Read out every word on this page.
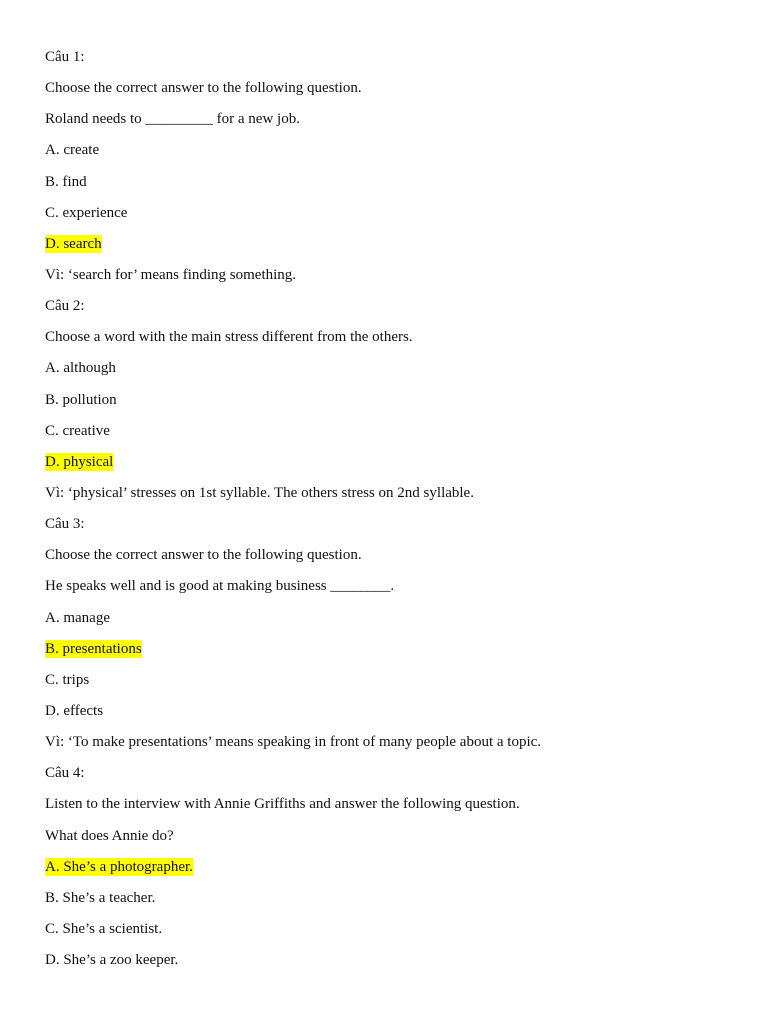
Câu 1:
Choose the correct answer to the following question.
Roland needs to _________ for a new job.
A. create
B. find
C. experience
D. search
Vì: ‘search for’ means finding something.
Câu 2:
Choose a word with the main stress different from the others.
A. although
B. pollution
C. creative
D. physical
Vì: ‘physical’ stresses on 1st syllable. The others stress on 2nd syllable.
Câu 3:
Choose the correct answer to the following question.
He speaks well and is good at making business ________.
A. manage
B. presentations
C. trips
D. effects
Vì: ‘To make presentations’ means speaking in front of many people about a topic.
Câu 4:
Listen to the interview with Annie Griffiths and answer the following question.
What does Annie do?
A. She’s a photographer.
B. She’s a teacher.
C. She’s a scientist.
D. She’s a zoo keeper.
